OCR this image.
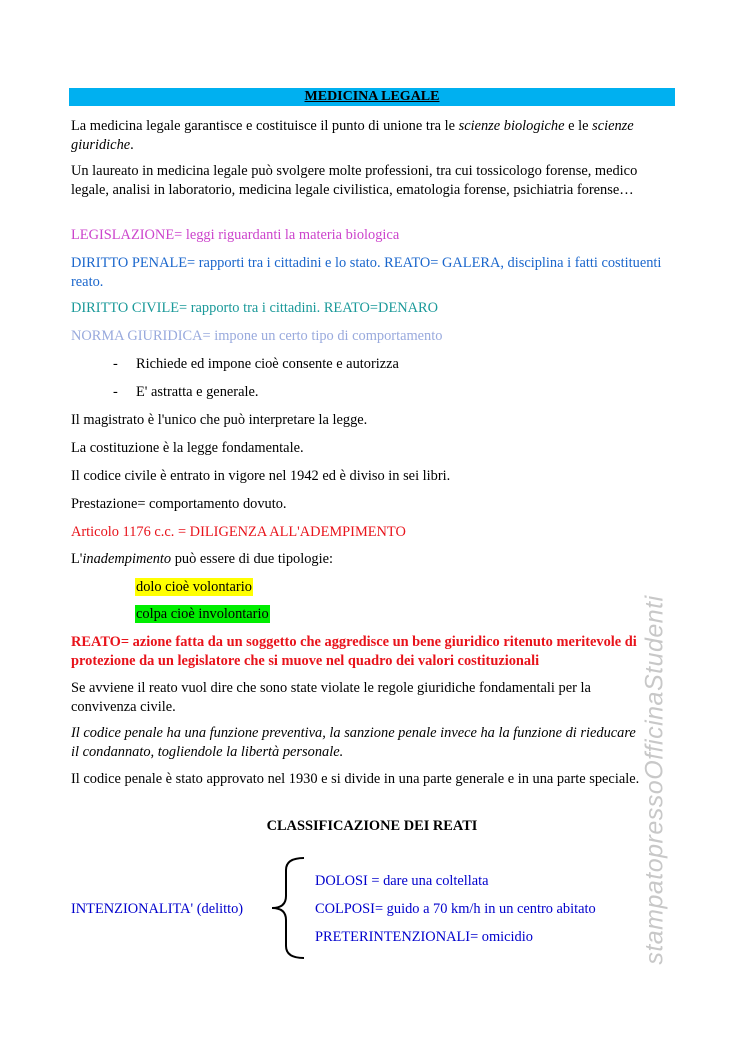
MEDICINA LEGALE

La medicina legale garantisce e costituisce il punto di unione tra le scienze biologiche e le scienze giuridiche.

Un laureato in medicina legale può svolgere molte professioni, tra cui tossicologo forense, medico legale, analisi in laboratorio, medicina legale civilistica, ematologia forense, psichiatria forense…

LEGISLAZIONE= leggi riguardanti la materia biologica

DIRITTO PENALE= rapporti tra i cittadini e lo stato. REATO= GALERA, disciplina i fatti costituenti reato.

DIRITTO CIVILE= rapporto tra i cittadini. REATO=DENARO

NORMA GIURIDICA= impone un certo tipo di comportamento

- Richiede ed impone cioè consente e autorizza
- E' astratta e generale.

Il magistrato è l'unico che può interpretare la legge.

La costituzione è la legge fondamentale.

Il codice civile è entrato in vigore nel 1942 ed è diviso in sei libri.

Prestazione= comportamento dovuto.

Articolo 1176 c.c. = DILIGENZA ALL'ADEMPIMENTO

L'inadempimento può essere di due tipologie:

dolo cioè volontario
colpa cioè involontario

REATO= azione fatta da un soggetto che aggredisce un bene giuridico ritenuto meritevole di protezione da un legislatore che si muove nel quadro dei valori costituzionali

Se avviene il reato vuol dire che sono state violate le regole giuridiche fondamentali per la convivenza civile.

Il codice penale ha una funzione preventiva, la sanzione penale invece ha la funzione di rieducare il condannato, togliendole la libertà personale.

Il codice penale è stato approvato nel 1930 e si divide in una parte generale e in una parte speciale.

CLASSIFICAZIONE DEI REATI
INTENZIONALITA' (delitto)
DOLOSI = dare una coltellata
COLPOSI= guido a 70 km/h in un centro abitato
PRETERINTENZIONALI= omicidio	stampatopressoOfficinaStudenti
